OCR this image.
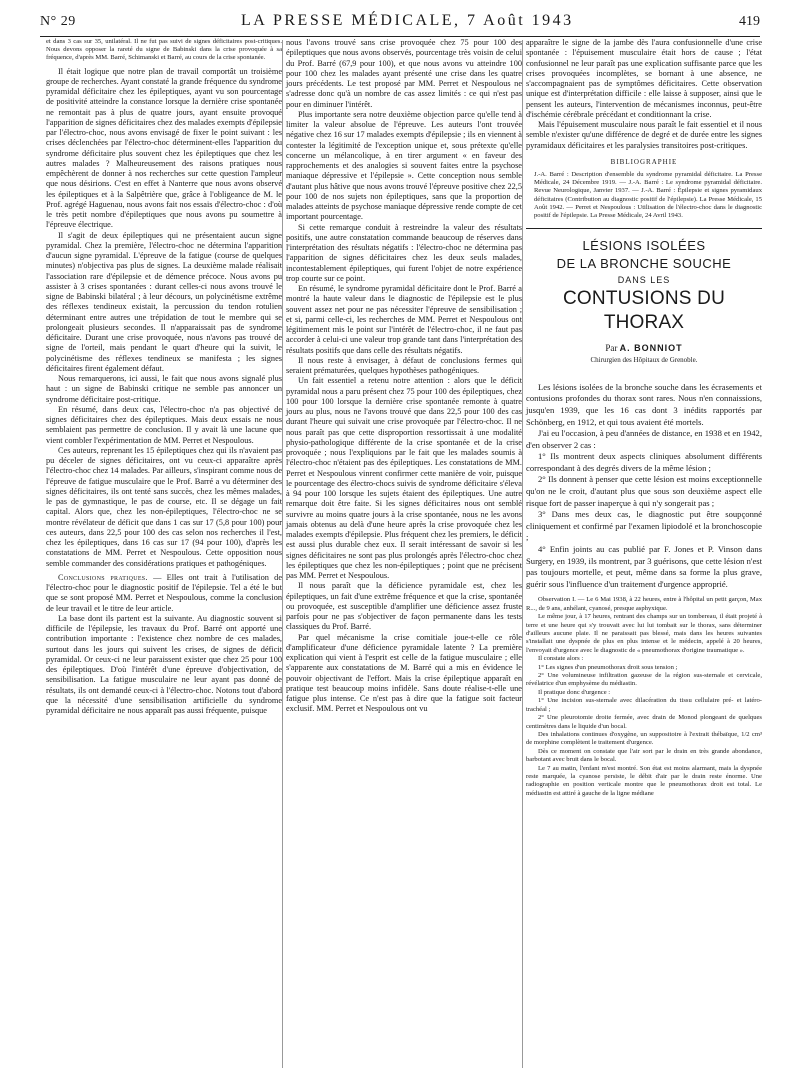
N° 29	LA PRESSE MÉDICALE, 7 Août 1943	419

et dans 3 cas sur 35, unilatéral. Il ne fut pas suivi de signes déficitaires post-critiques. Nous devons opposer la rareté du signe de Babinski dans la crise provoquée à sa fréquence, d'après MM. Barré, Schimanski et Barré, au cours de la crise spontanée.

Il était logique que notre plan de travail comportât un troisième groupe de recherches. Ayant constaté la grande fréquence du syndrome pyramidal déficitaire chez les épileptiques, ayant vu son pourcentage de positivité atteindre la constance lorsque la dernière crise spontanée ne remontait pas à plus de quatre jours, ayant ensuite provoqué l'apparition de signes déficitaires chez des malades exempts d'épilepsie par l'électro-choc, nous avons envisagé de fixer le point suivant : les crises déclenchées par l'électro-choc déterminent-elles l'apparition du syndrome déficitaire plus souvent chez les épileptiques que chez les autres malades ? Malheureusement des raisons pratiques nous empêchèrent de donner à nos recherches sur cette question l'ampleur que nous désirions. C'est en effet à Nanterre que nous avons observé les épileptiques et à la Salpêtrière que, grâce à l'obligeance de M. le Prof. agrégé Haguenau, nous avons fait nos essais d'électro-choc : d'où le très petit nombre d'épileptiques que nous avons pu soumettre à l'épreuve électrique.

Il s'agit de deux épileptiques qui ne présentaient aucun signe pyramidal. Chez la première, l'électro-choc ne détermina l'apparition d'aucun signe pyramidal. L'épreuve de la fatigue (course de quelques minutes) n'objectiva pas plus de signes. La deuxième malade réalisait l'association rare d'épilepsie et de démence précoce. Nous avons pu assister à 3 crises spontanées : durant celles-ci nous avons trouvé le signe de Babinski bilatéral ; à leur décours, un polycinétisme extrême des réflexes tendineux existait, la percussion du tendon rotulien déterminant entre autres une trépidation de tout le membre qui se prolongeait plusieurs secondes. Il n'apparaissait pas de syndrome déficitaire. Durant une crise provoquée, nous n'avons pas trouvé de signe de l'orteil, mais pendant le quart d'heure qui la suivit, le polycinétisme des réflexes tendineux se manifesta ; les signes déficitaires firent également défaut.

Nous remarquerons, ici aussi, le fait que nous avons signalé plus haut : un signe de Babinski critique ne semble pas annoncer un syndrome déficitaire post-critique.

En résumé, dans deux cas, l'électro-choc n'a pas objectivé de signes déficitaires chez des épileptiques. Mais deux essais ne nous semblaient pas permettre de conclusion. Il y avait là une lacune que vient combler l'expérimentation de MM. Perret et Nespoulous.

Ces auteurs, reprenant les 15 épileptiques chez qui ils n'avaient pas pu déceler de signes déficitaires, ont vu ceux-ci apparaître après l'électro-choc chez 14 malades. Par ailleurs, s'inspirant comme nous de l'épreuve de fatigue musculaire que le Prof. Barré a vu déterminer des signes déficitaires, ils ont tenté sans succès, chez les mêmes malades, le pas de gymnastique, le pas de course, etc. Il se dégage un fait capital. Alors que, chez les non-épileptiques, l'électro-choc ne se montre révélateur de déficit que dans 1 cas sur 17 (5,8 pour 100) pour ces auteurs, dans 22,5 pour 100 des cas selon nos recherches il l'est, chez les épileptiques, dans 16 cas sur 17 (94 pour 100), d'après les constatations de MM. Perret et Nespoulous. Cette opposition nous semble commander des considérations pratiques et pathogéniques.

Conclusions pratiques. — Elles ont trait à l'utilisation de l'électro-choc pour le diagnostic positif de l'épilepsie. Tel a été le but que se sont proposé MM. Perret et Nespoulous, comme la conclusion de leur travail et le titre de leur article.

La base dont ils partent est la suivante. Au diagnostic souvent si difficile de l'épilepsie, les travaux du Prof. Barré ont apporté une contribution importante : l'existence chez nombre de ces malades, surtout dans les jours qui suivent les crises, de signes de déficit pyramidal. Or ceux-ci ne leur paraissent exister que chez 25 pour 100 des épileptiques. D'où l'intérêt d'une épreuve d'objectivation, de sensibilisation. La fatigue musculaire ne leur ayant pas donné de résultats, ils ont demandé ceux-ci à l'électro-choc. Notons tout d'abord que la nécessité d'une sensibilisation artificielle du syndrome pyramidal déficitaire ne nous apparaît pas aussi fréquente, puisque

nous l'avons trouvé sans crise provoquée chez 75 pour 100 des épileptiques que nous avons observés, pourcentage très voisin de celui du Prof. Barré (67,9 pour 100), et que nous avons vu atteindre 100 pour 100 chez les malades ayant présenté une crise dans les quatre jours précédents. Le test proposé par MM. Perret et Nespoulous ne s'adresse donc qu'à un nombre de cas assez limités : ce qui n'est pas pour en diminuer l'intérêt.

Plus importante sera notre deuxième objection parce qu'elle tend à limiter la valeur absolue de l'épreuve. Les auteurs l'ont trouvée négative chez 16 sur 17 malades exempts d'épilepsie ; ils en viennent à contester la légitimité de l'exception unique et, sous prétexte qu'elle concerne un mélancolique, à en tirer argument « en faveur des rapprochements et des analogies si souvent faites entre la psychose maniaque dépressive et l'épilepsie ». Cette conception nous semble d'autant plus hâtive que nous avons trouvé l'épreuve positive chez 22,5 pour 100 de nos sujets non épileptiques, sans que la proportion de malades atteints de psychose maniaque dépressive rende compte de cet important pourcentage.

Si cette remarque conduit à restreindre la valeur des résultats positifs, une autre constatation commande beaucoup de réserves dans l'interprétation des résultats négatifs : l'électro-choc ne détermina pas l'apparition de signes déficitaires chez les deux seuls malades, incontestablement épileptiques, qui furent l'objet de notre expérience trop courte sur ce point.

En résumé, le syndrome pyramidal déficitaire dont le Prof. Barré a montré la haute valeur dans le diagnostic de l'épilepsie est le plus souvent assez net pour ne pas nécessiter l'épreuve de sensibilisation ; et si, parmi celle-ci, les recherches de MM. Perret et Nespoulous ont légitimement mis le point sur l'intérêt de l'électro-choc, il ne faut pas accorder à celui-ci une valeur trop grande tant dans l'interprétation des résultats positifs que dans celle des résultats négatifs.

Il nous reste à envisager, à défaut de conclusions fermes qui seraient prématurées, quelques hypothèses pathogéniques.

Un fait essentiel a retenu notre attention : alors que le déficit pyramidal nous a paru présent chez 75 pour 100 des épileptiques, chez 100 pour 100 lorsque la dernière crise spontanée remonte à quatre jours au plus, nous ne l'avons trouvé que dans 22,5 pour 100 des cas durant l'heure qui suivait une crise provoquée par l'électro-choc. Il ne nous paraît pas que cette disproportion ressortissait à une modalité physio-pathologique différente de la crise spontanée et de la crise provoquée ; nous l'expliquions par le fait que les malades soumis à l'électro-choc n'étaient pas des épileptiques. Les constatations de MM. Perret et Nespoulous vinrent confirmer cette manière de voir, puisque le pourcentage des électro-chocs suivis de syndrome déficitaire s'éleva à 94 pour 100 lorsque les sujets étaient des épileptiques. Une autre remarque doit être faite. Si les signes déficitaires nous ont semblé survivre au moins quatre jours à la crise spontanée, nous ne les avons jamais obtenus au delà d'une heure après la crise provoquée chez les malades exempts d'épilepsie. Plus fréquent chez les premiers, le déficit est aussi plus durable chez eux. Il serait intéressant de savoir si les signes déficitaires ne sont pas plus prolongés après l'électro-choc chez les épileptiques que chez les non-épileptiques ; point que ne précisent pas MM. Perret et Nespoulous.

Il nous paraît que la déficience pyramidale est, chez les épileptiques, un fait d'une extrême fréquence et que la crise, spontanée ou provoquée, est susceptible d'amplifier une déficience assez fruste parfois pour ne pas s'objectiver de façon permanente dans les tests classiques du Prof. Barré.

Par quel mécanisme la crise comitiale joue-t-elle ce rôle d'amplificateur d'une déficience pyramidale latente ? La première explication qui vient à l'esprit est celle de la fatigue musculaire ; elle s'apparente aux constatations de M. Barré qui a mis en évidence le pouvoir objectivant de l'effort. Mais la crise épileptique apparaît en pratique test beaucoup moins infidèle. Sans doute réalise-t-elle une fatigue plus intense. Ce n'est pas à dire que la fatigue soit facteur exclusif. MM. Perret et Nespoulous ont vu

apparaître le signe de la jambe dès l'aura confusionnelle d'une crise spontanée : l'épuisement musculaire était hors de cause ; l'état confusionnel ne leur paraît pas une explication suffisante parce que les crises provoquées incomplètes, se bornant à une absence, ne s'accompagnaient pas de symptômes déficitaires. Cette observation unique est d'interprétation difficile : elle laisse à supposer, ainsi que le pensent les auteurs, l'intervention de mécanismes inconnus, peut-être d'ischémie cérébrale précédant et conditionnant la crise.

Mais l'épuisement musculaire nous paraît le fait essentiel et il nous semble n'exister qu'une différence de degré et de durée entre les signes pyramidaux déficitaires et les paralysies transitoires post-critiques.

BIBLIOGRAPHIE

J.-A. Barré : Description d'ensemble du syndrome pyramidal déficitaire. La Presse Médicale, 24 Décembre 1919. — J.-A. Barré : Le syndrome pyramidal déficitaire. Revue Neurologique, Janvier 1937. — J.-A. Barré : Épilepsie et signes pyramidaux déficitaires (Contribution au diagnostic positif de l'épilepsie). La Presse Médicale, 15 Août 1942. — Perret et Nespoulous : Utilisation de l'électro-choc dans le diagnostic positif de l'épilepsie. La Presse Médicale, 24 Avril 1943.

LÉSIONS ISOLÉES
DE LA BRONCHE SOUCHE
DANS LES
CONTUSIONS DU THORAX
Par A. BONNIOT
Chirurgien des Hôpitaux de Grenoble.

Les lésions isolées de la bronche souche dans les écrasements et contusions profondes du thorax sont rares. Nous n'en connaissions, jusqu'en 1939, que les 16 cas dont 3 inédits rapportés par Schönberg, en 1912, et qui tous avaient été mortels.

J'ai eu l'occasion, à peu d'années de distance, en 1938 et en 1942, d'en observer 2 cas :

1° Ils montrent deux aspects cliniques absolument différents correspondant à des degrés divers de la même lésion ;

2° Ils donnent à penser que cette lésion est moins exceptionnelle qu'on ne le croit, d'autant plus que sous son deuxième aspect elle risque fort de passer inaperçue à qui n'y songerait pas ;

3° Dans mes deux cas, le diagnostic put être soupçonné cliniquement et confirmé par l'examen lipiodolé et la bronchoscopie ;

4° Enfin joints au cas publié par F. Jones et P. Vinson dans Surgery, en 1939, ils montrent, par 3 guérisons, que cette lésion n'est pas toujours mortelle, et peut, même dans sa forme la plus grave, guérir sous l'influence d'un traitement d'urgence approprié.

Observation I. — Le 6 Mai 1938, à 22 heures, entre à l'hôpital un petit garçon, Max R..., de 9 ans, anhélant, cyanosé, presque asphyxique.

Le même jour, à 17 heures, rentrant des champs sur un tombereau, il était projeté à terre et une heure qui s'y trouvait avec lui lui tombait sur le thorax, sans déterminer d'ailleurs aucune plaie. Il ne paraissait pas blessé, mais dans les heures suivantes s'installait une dyspnée de plus en plus intense et le médecin, appelé à 20 heures, l'envoyait d'urgence avec le diagnostic de « pneumothorax d'origine traumatique ».

Il constate alors :

1° Les signes d'un pneumothorax droit sous tension ;

2° Une volumineuse infiltration gazeuse de la région sus-sternale et cervicale, révélatrice d'un emphysème du médiastin.

Il pratique donc d'urgence :

1° Une incision sus-sternale avec dilacération du tissu cellulaire pré- et latéro-trachéal ;

2° Une pleurotomie droite fermée, avec drain de Monod plongeant de quelques centimètres dans le liquide d'un bocal.

Des inhalations continues d'oxygène, un suppositoire à l'extrait thébaïque, 1/2 cm³ de morphine complètent le traitement d'urgence.

Dès ce moment on constate que l'air sort par le drain en très grande abondance, barbotant avec bruit dans le bocal.

Le 7 au matin, l'enfant m'est montré. Son état est moins alarmant, mais la dyspnée reste marquée, la cyanose persiste, le débit d'air par le drain reste énorme. Une radiographie en position verticale montre que le pneumothorax droit est total. Le médiastin est attiré à gauche de la ligne médiane
